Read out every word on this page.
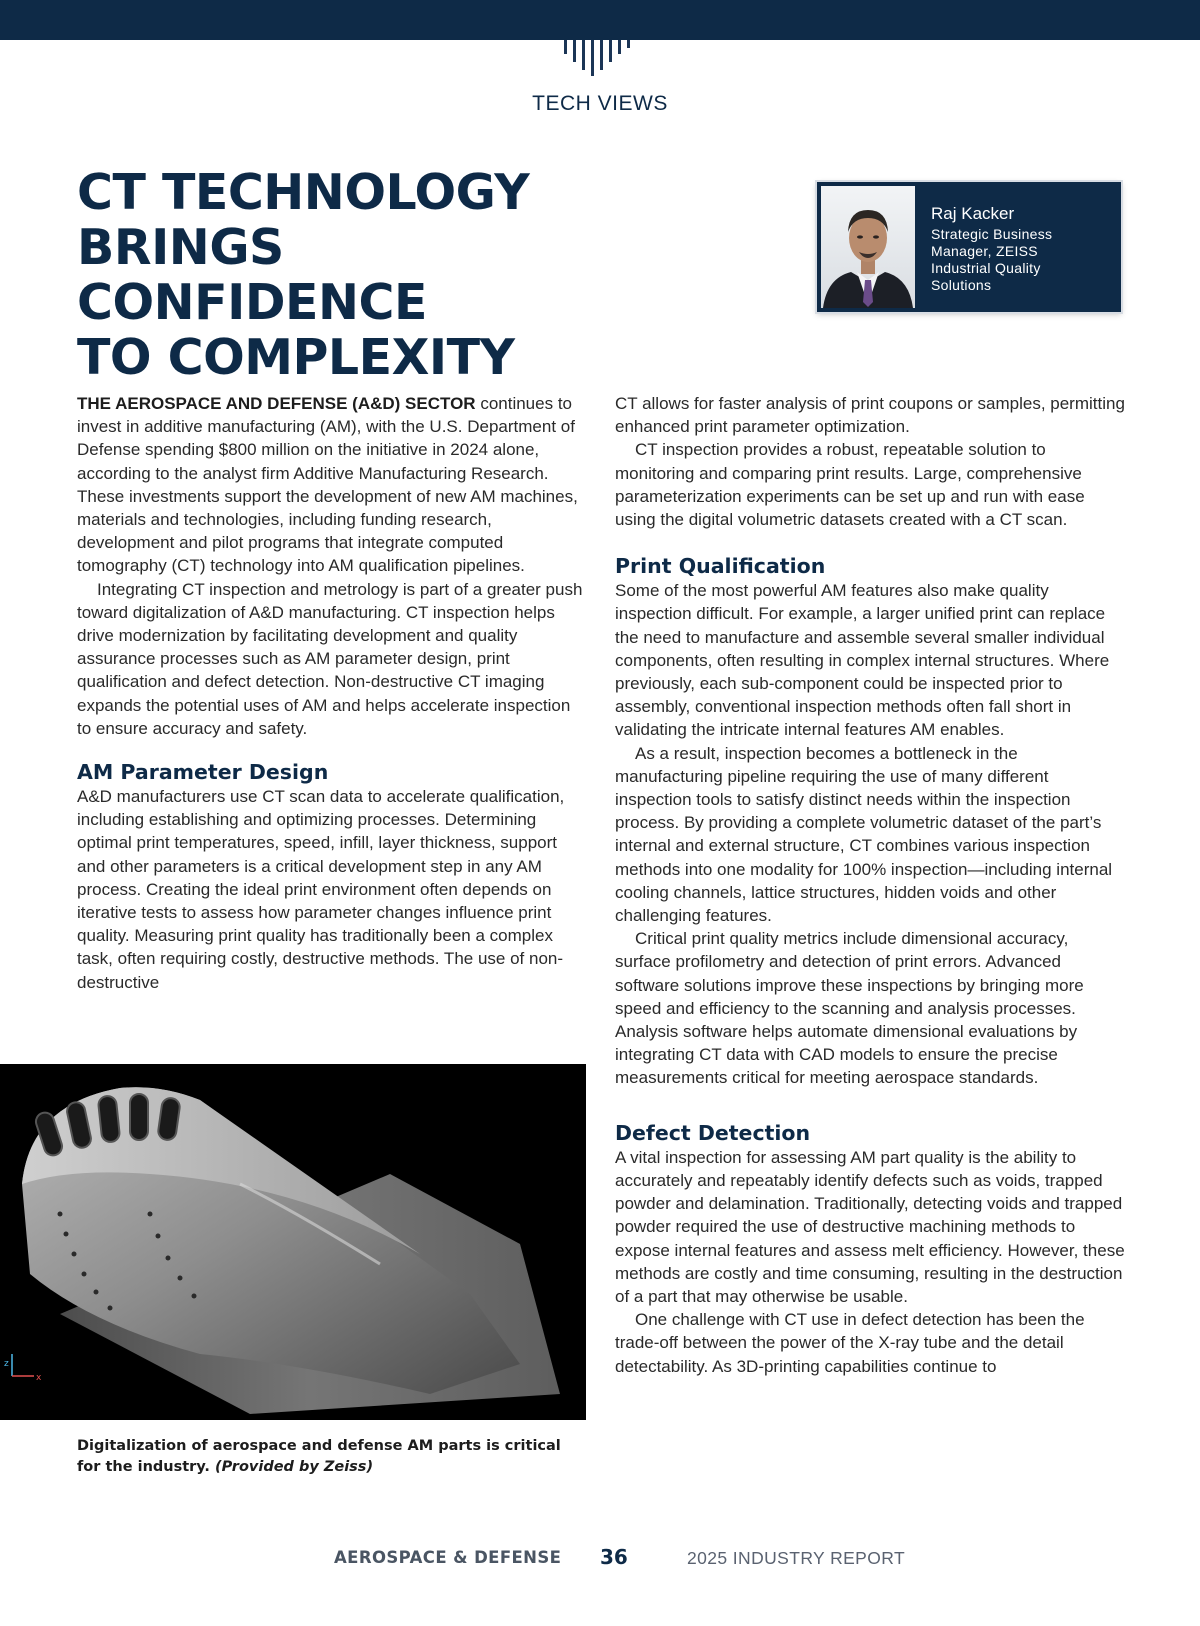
TECH VIEWS
CT TECHNOLOGY
BRINGS CONFIDENCE
TO COMPLEXITY
Raj Kacker
Strategic Business
Manager, ZEISS
Industrial Quality
Solutions

THE AEROSPACE AND DEFENSE (A&D) SECTOR continues to invest in additive manufacturing (AM), with the U.S. Department of Defense spending $800 million on the initiative in 2024 alone, according to the analyst firm Additive Manufacturing Research. These investments support the development of new AM machines, materials and technologies, including funding research, development and pilot programs that integrate computed tomography (CT) technology into AM qualification pipelines.

Integrating CT inspection and metrology is part of a greater push toward digitalization of A&D manufacturing. CT inspection helps drive modernization by facilitating development and quality assurance processes such as AM parameter design, print qualification and defect detection. Non-destructive CT imaging expands the potential uses of AM and helps accelerate inspection to ensure accuracy and safety.

AM Parameter Design

A&D manufacturers use CT scan data to accelerate qualification, including establishing and optimizing processes. Determining optimal print temperatures, speed, infill, layer thickness, support and other parameters is a critical development step in any AM process. Creating the ideal print environment often depends on iterative tests to assess how parameter changes influence print quality. Measuring print quality has traditionally been a complex task, often requiring costly, destructive methods. The use of non-destructive

CT allows for faster analysis of print coupons or samples, permitting enhanced print parameter optimization.

CT inspection provides a robust, repeatable solution to monitoring and comparing print results. Large, comprehensive parameterization experiments can be set up and run with ease using the digital volumetric datasets created with a CT scan.

Print Qualification

Some of the most powerful AM features also make quality inspection difficult. For example, a larger unified print can replace the need to manufacture and assemble several smaller individual components, often resulting in complex internal structures. Where previously, each sub-component could be inspected prior to assembly, conventional inspection methods often fall short in validating the intricate internal features AM enables.

As a result, inspection becomes a bottleneck in the manufacturing pipeline requiring the use of many different inspection tools to satisfy distinct needs within the inspection process. By providing a complete volumetric dataset of the part’s internal and external structure, CT combines various inspection methods into one modality for 100% inspection—including internal cooling channels, lattice structures, hidden voids and other challenging features.

Critical print quality metrics include dimensional accuracy, surface profilometry and detection of print errors. Advanced software solutions improve these inspections by bringing more speed and efficiency to the scanning and analysis processes. Analysis software helps automate dimensional evaluations by integrating CT data with CAD models to ensure the precise measurements critical for meeting aerospace standards.

Defect Detection

A vital inspection for assessing AM part quality is the ability to accurately and repeatably identify defects such as voids, trapped powder and delamination. Traditionally, detecting voids and trapped powder required the use of destructive machining methods to expose internal features and assess melt efficiency. However, these methods are costly and time consuming, resulting in the destruction of a part that may otherwise be usable.

One challenge with CT use in defect detection has been the trade-off between the power of the X-ray tube and the detail detectability. As 3D-printing capabilities continue to

x
z

Digitalization of aerospace and defense AM parts is critical for the industry. (Provided by Zeiss)

AEROSPACE & DEFENSE 36	2025 INDUSTRY REPORT
